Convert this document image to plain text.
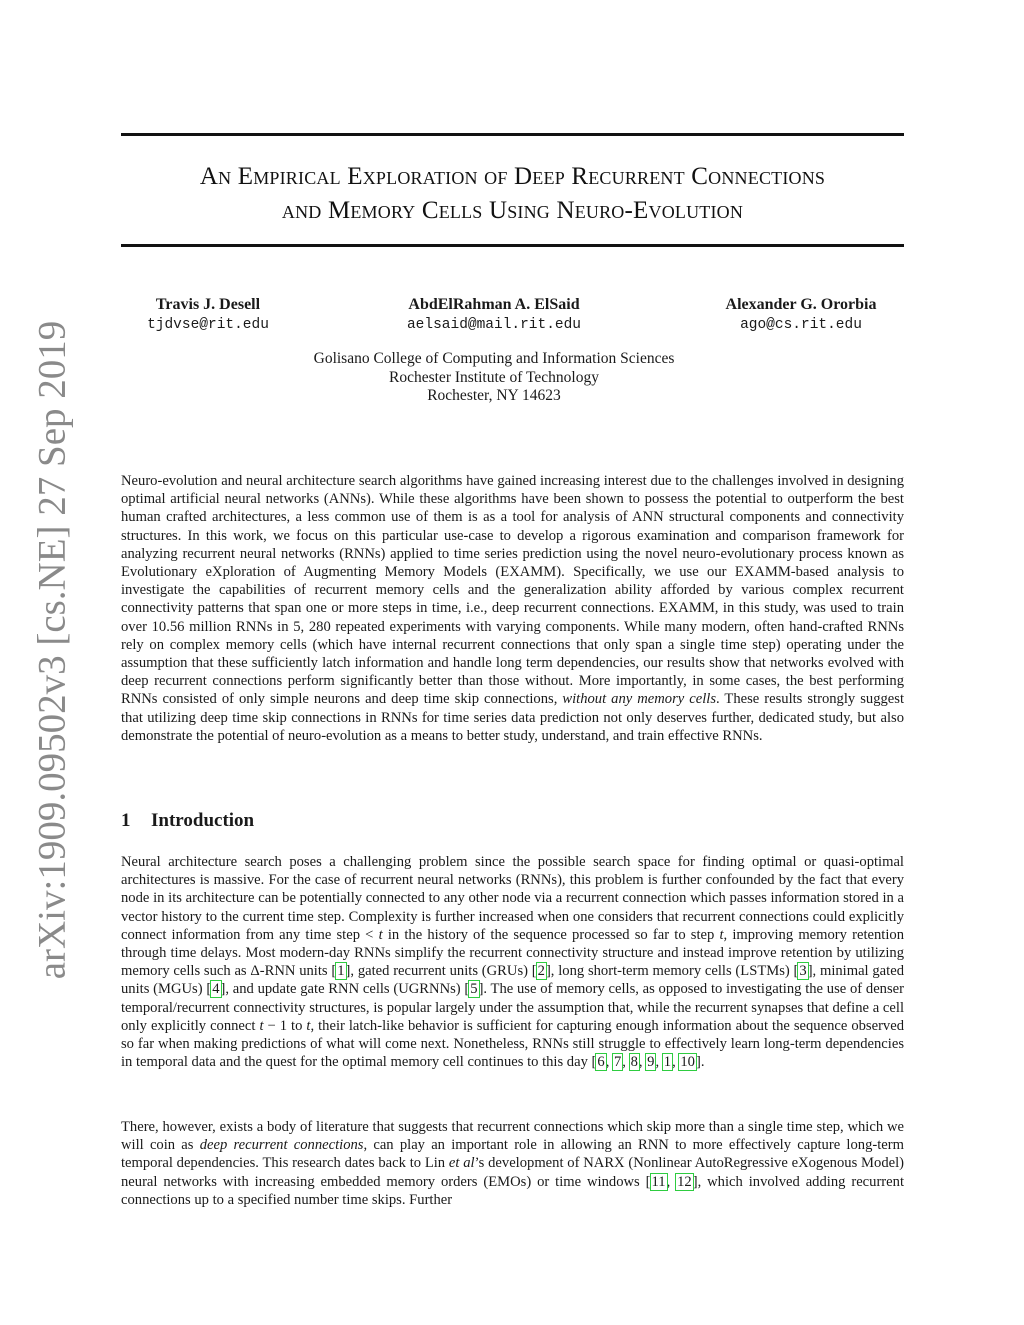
arXiv:1909.09502v3 [cs.NE] 27 Sep 2019
An Empirical Exploration of Deep Recurrent Connections
and Memory Cells Using Neuro-Evolution
Travis J. Desell
tjdvse@rit.edu
AbdElRahman A. ElSaid
aelsaid@mail.rit.edu
Alexander G. Ororbia
ago@cs.rit.edu
Golisano College of Computing and Information Sciences
Rochester Institute of Technology
Rochester, NY 14623
Neuro-evolution and neural architecture search algorithms have gained increasing interest due to the challenges involved in designing optimal artificial neural networks (ANNs). While these algorithms have been shown to possess the potential to outperform the best human crafted architectures, a less common use of them is as a tool for analysis of ANN structural components and connectivity structures. In this work, we focus on this particular use-case to develop a rigorous examination and comparison framework for analyzing recurrent neural networks (RNNs) applied to time series prediction using the novel neuro-evolutionary process known as Evolutionary eXploration of Augmenting Memory Models (EXAMM). Specifically, we use our EXAMM-based analysis to investigate the capabilities of recurrent memory cells and the generalization ability afforded by various complex recurrent connectivity patterns that span one or more steps in time, i.e., deep recurrent connections. EXAMM, in this study, was used to train over 10.56 million RNNs in 5, 280 repeated experiments with varying components. While many modern, often hand-crafted RNNs rely on complex memory cells (which have internal recurrent connections that only span a single time step) operating under the assumption that these sufficiently latch information and handle long term dependencies, our results show that networks evolved with deep recurrent connections perform significantly better than those without. More importantly, in some cases, the best performing RNNs consisted of only simple neurons and deep time skip connections, without any memory cells. These results strongly suggest that utilizing deep time skip connections in RNNs for time series data prediction not only deserves further, dedicated study, but also demonstrate the potential of neuro-evolution as a means to better study, understand, and train effective RNNs.
1 Introduction
Neural architecture search poses a challenging problem since the possible search space for finding optimal or quasi-optimal architectures is massive. For the case of recurrent neural networks (RNNs), this problem is further confounded by the fact that every node in its architecture can be potentially connected to any other node via a recurrent connection which passes information stored in a vector history to the current time step. Complexity is further increased when one considers that recurrent connections could explicitly connect information from any time step < t in the history of the sequence processed so far to step t, improving memory retention through time delays. Most modern-day RNNs simplify the recurrent connectivity structure and instead improve retention by utilizing memory cells such as Δ-RNN units [1], gated recurrent units (GRUs) [2], long short-term memory cells (LSTMs) [3], minimal gated units (MGUs) [4], and update gate RNN cells (UGRNNs) [5]. The use of memory cells, as opposed to investigating the use of denser temporal/recurrent connectivity structures, is popular largely under the assumption that, while the recurrent synapses that define a cell only explicitly connect t − 1 to t, their latch-like behavior is sufficient for capturing enough information about the sequence observed so far when making predictions of what will come next. Nonetheless, RNNs still struggle to effectively learn long-term dependencies in temporal data and the quest for the optimal memory cell continues to this day [6, 7, 8, 9, 1, 10].
There, however, exists a body of literature that suggests that recurrent connections which skip more than a single time step, which we will coin as deep recurrent connections, can play an important role in allowing an RNN to more effectively capture long-term temporal dependencies. This research dates back to Lin et al’s development of NARX (Nonlinear AutoRegressive eXogenous Model) neural networks with increasing embedded memory orders (EMOs) or time windows [11, 12], which involved adding recurrent connections up to a specified number time skips. Further
